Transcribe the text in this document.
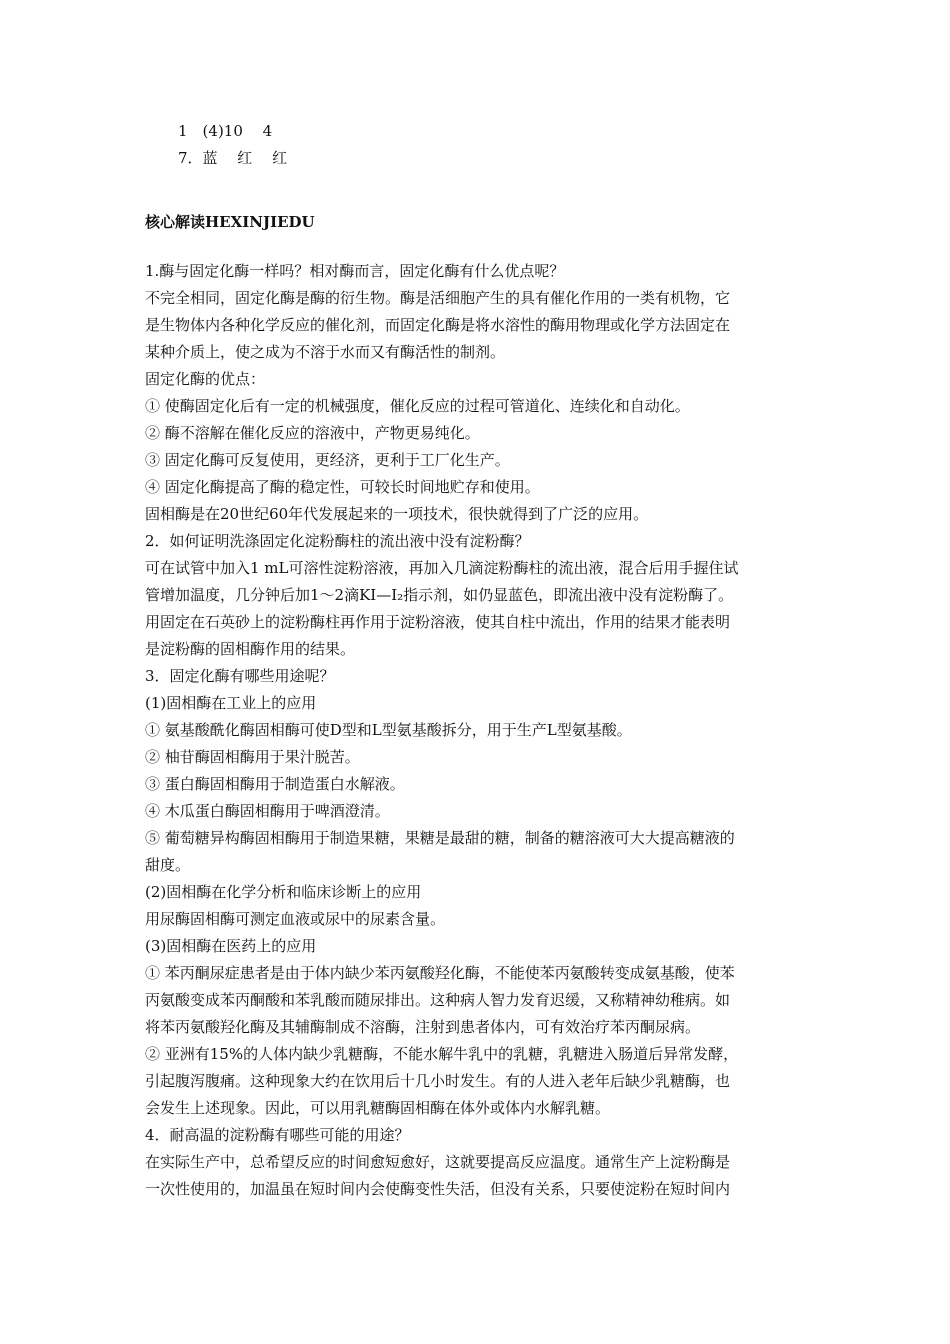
1　(4)10　 4
7．蓝　 红　 红
核心解读HEXINJIEDU
1.酶与固定化酶一样吗？相对酶而言，固定化酶有什么优点呢？
不完全相同，固定化酶是酶的衍生物。酶是活细胞产生的具有催化作用的一类有机物，它
是生物体内各种化学反应的催化剂，而固定化酶是将水溶性的酶用物理或化学方法固定在
某种介质上，使之成为不溶于水而又有酶活性的制剂。
固定化酶的优点：
① 使酶固定化后有一定的机械强度，催化反应的过程可管道化、连续化和自动化。
② 酶不溶解在催化反应的溶液中，产物更易纯化。
③ 固定化酶可反复使用，更经济，更利于工厂化生产。
④ 固定化酶提高了酶的稳定性，可较长时间地贮存和使用。
固相酶是在20世纪60年代发展起来的一项技术，很快就得到了广泛的应用。
2．如何证明洗涤固定化淀粉酶柱的流出液中没有淀粉酶？
可在试管中加入1 mL可溶性淀粉溶液，再加入几滴淀粉酶柱的流出液，混合后用手握住试
管增加温度，几分钟后加1～2滴KI—I₂指示剂，如仍显蓝色，即流出液中没有淀粉酶了。
用固定在石英砂上的淀粉酶柱再作用于淀粉溶液，使其自柱中流出，作用的结果才能表明
是淀粉酶的固相酶作用的结果。
3．固定化酶有哪些用途呢？
(1)固相酶在工业上的应用
① 氨基酸酰化酶固相酶可使D型和L型氨基酸拆分，用于生产L型氨基酸。
② 柚苷酶固相酶用于果汁脱苦。
③ 蛋白酶固相酶用于制造蛋白水解液。
④ 木瓜蛋白酶固相酶用于啤酒澄清。
⑤ 葡萄糖异构酶固相酶用于制造果糖，果糖是最甜的糖，制备的糖溶液可大大提高糖液的
甜度。
(2)固相酶在化学分析和临床诊断上的应用
用尿酶固相酶可测定血液或尿中的尿素含量。
(3)固相酶在医药上的应用
① 苯丙酮尿症患者是由于体内缺少苯丙氨酸羟化酶，不能使苯丙氨酸转变成氨基酸，使苯
丙氨酸变成苯丙酮酸和苯乳酸而随尿排出。这种病人智力发育迟缓，又称精神幼稚病。如
将苯丙氨酸羟化酶及其辅酶制成不溶酶，注射到患者体内，可有效治疗苯丙酮尿病。
② 亚洲有15%的人体内缺少乳糖酶，不能水解牛乳中的乳糖，乳糖进入肠道后异常发酵，
引起腹泻腹痛。这种现象大约在饮用后十几小时发生。有的人进入老年后缺少乳糖酶，也
会发生上述现象。因此，可以用乳糖酶固相酶在体外或体内水解乳糖。
4．耐高温的淀粉酶有哪些可能的用途？
在实际生产中，总希望反应的时间愈短愈好，这就要提高反应温度。通常生产上淀粉酶是
一次性使用的，加温虽在短时间内会使酶变性失活，但没有关系，只要使淀粉在短时间内
